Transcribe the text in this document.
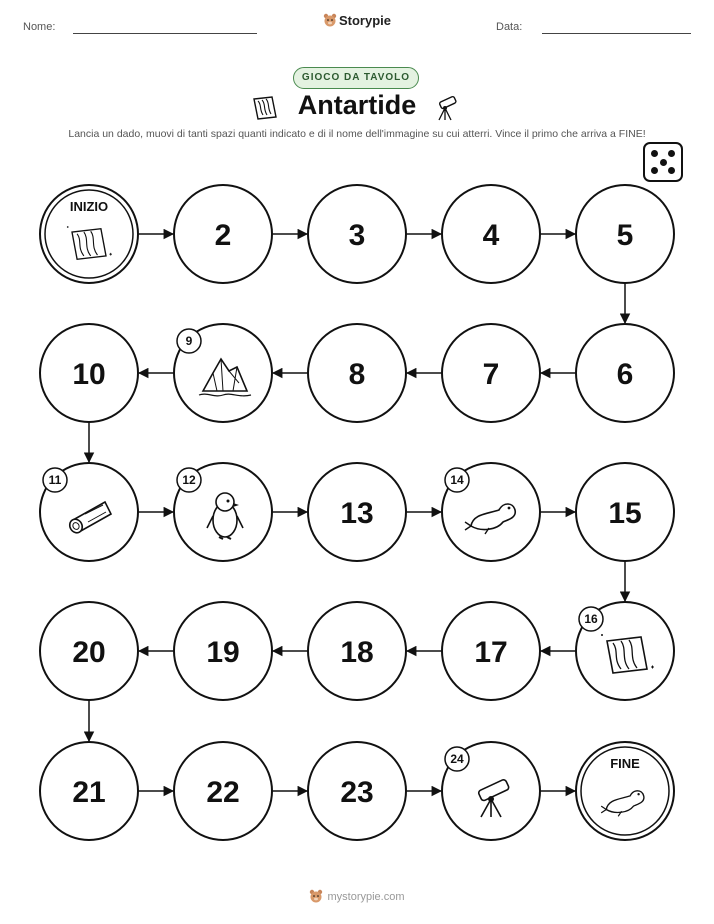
Nome:	Storypie	Data:
GIOCO DA TAVOLO
Antartide
Lancia un dado, muovi di tanti spazi quanti indicato e di il nome dell'immagine su cui atterri. Vince il primo che arriva a FINE!
INIZIO
2	3	4	5
6
7
8
9
10
11	12
13
14
15
16
17
18
19
20
21	22	23
24	FINE
mystorypie.com
